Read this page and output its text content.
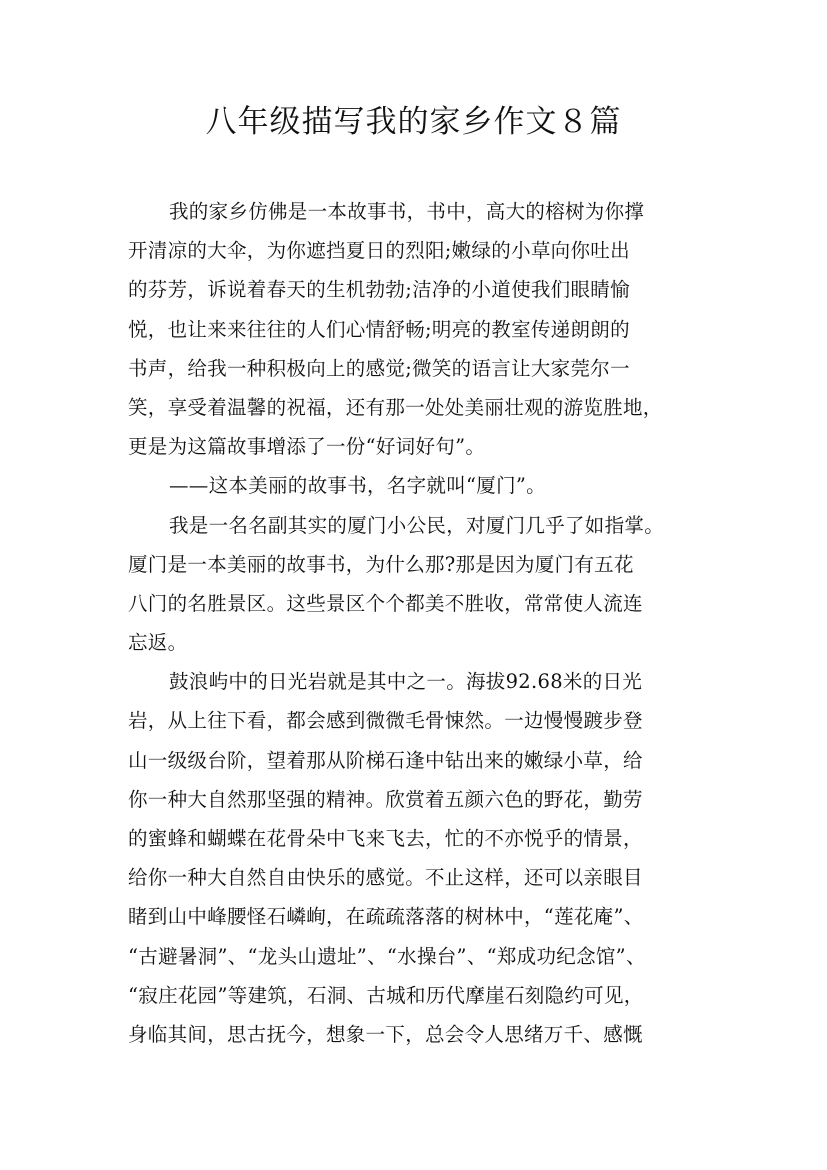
八年级描写我的家乡作文８篇
我的家乡仿佛是一本故事书，书中，高大的榕树为你撑
开清凉的大伞，为你遮挡夏日的烈阳;嫩绿的小草向你吐出
的芬芳，诉说着春天的生机勃勃;洁净的小道使我们眼睛愉
悦，也让来来往往的人们心情舒畅;明亮的教室传递朗朗的
书声，给我一种积极向上的感觉;微笑的语言让大家莞尔一
笑，享受着温馨的祝福，还有那一处处美丽壮观的游览胜地，
更是为这篇故事增添了一份“好词好句”。
——这本美丽的故事书，名字就叫“厦门”。
我是一名名副其实的厦门小公民，对厦门几乎了如指掌。
厦门是一本美丽的故事书，为什么那?那是因为厦门有五花
八门的名胜景区。这些景区个个都美不胜收，常常使人流连
忘返。
鼓浪屿中的日光岩就是其中之一。海拔92.68米的日光
岩，从上往下看，都会感到微微毛骨悚然。一边慢慢踱步登
山一级级台阶，望着那从阶梯石逢中钻出来的嫩绿小草，给
你一种大自然那坚强的精神。欣赏着五颜六色的野花，勤劳
的蜜蜂和蝴蝶在花骨朵中飞来飞去，忙的不亦悦乎的情景，
给你一种大自然自由快乐的感觉。不止这样，还可以亲眼目
睹到山中峰腰怪石嶙峋，在疏疏落落的树林中，“莲花庵”、
“古避暑洞”、“龙头山遗址”、“水操台”、“郑成功纪念馆”、
“寂庄花园”等建筑，石洞、古城和历代摩崖石刻隐约可见，
身临其间，思古抚今，想象一下，总会令人思绪万千、感慨
